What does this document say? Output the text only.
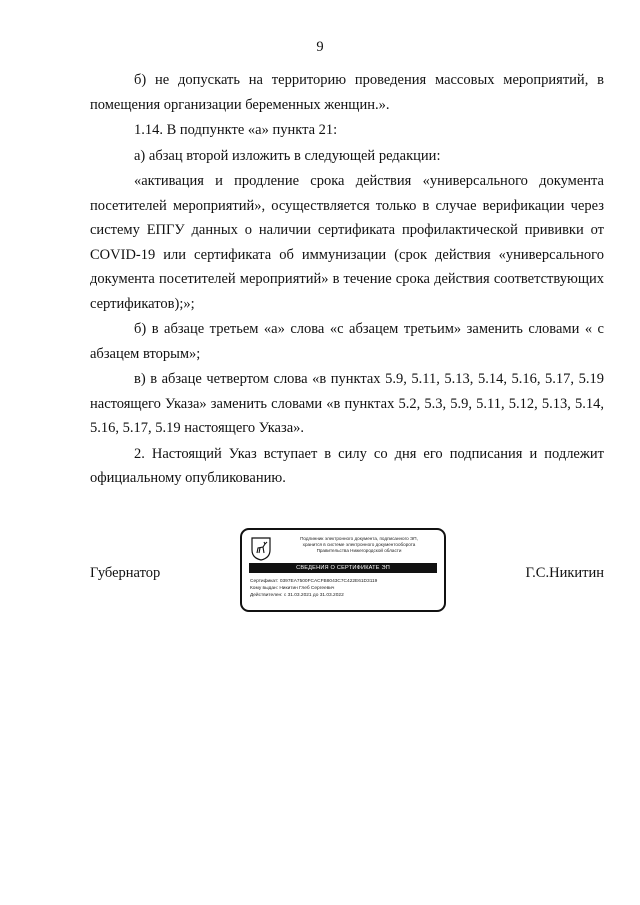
9

б) не допускать на территорию проведения массовых мероприятий, в помещения организации беременных женщин.».

1.14. В подпункте «а» пункта 21:

а) абзац второй изложить в следующей редакции:

«активация и продление срока действия «универсального документа посетителей мероприятий», осуществляется только в случае верификации через систему ЕПГУ данных о наличии сертификата профилактической прививки от COVID-19 или сертификата об иммунизации (срок действия «универсального документа посетителей мероприятий» в течение срока действия соответствующих сертификатов);»;

б) в абзаце третьем «а» слова «с абзацем третьим» заменить словами « с абзацем вторым»;

в) в абзаце четвертом слова «в пунктах 5.9, 5.11, 5.13, 5.14, 5.16, 5.17, 5.19 настоящего Указа» заменить словами «в пунктах 5.2, 5.3, 5.9, 5.11, 5.12, 5.13, 5.14, 5.16, 5.17, 5.19 настоящего Указа».

2. Настоящий Указ вступает в силу со дня его подписания и подлежит официальному опубликованию.

Губернатор
Подлинник электронного документа, подписанного ЭП,
хранится в системе электронного документооборота
Правительства Нижегородской области
СВЕДЕНИЯ О СЕРТИФИКАТЕ ЭП
Сертификат: 0397EA7500FCACFB8043C7C422E61D3119
Кому выдан: Никитин Глеб Сергеевич
Действителен: с 31.03.2021 до 31.03.2022
Г.С.Никитин
